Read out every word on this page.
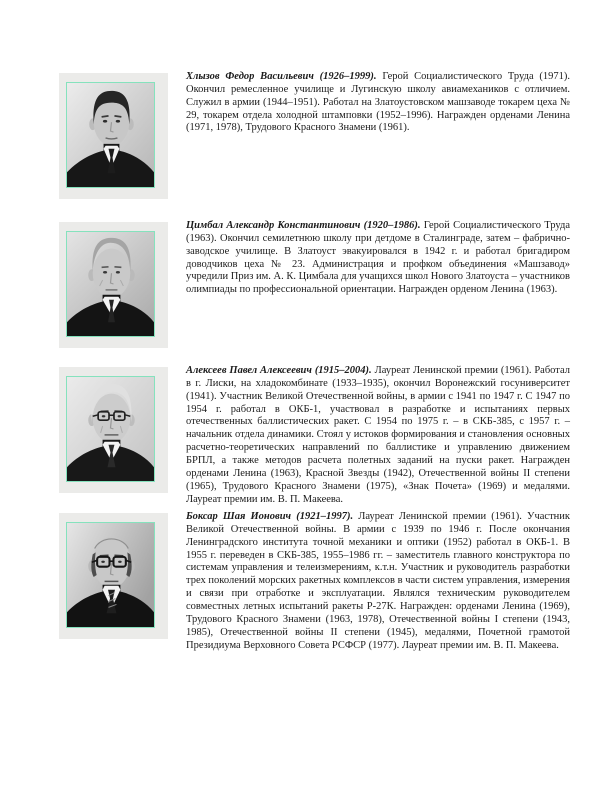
Хлызов Федор Васильевич (1926–1999). Герой Социалистического Труда (1971). Окончил ремесленное училище и Лугинскую школу авиамехаников с отличием. Служил в армии (1944–1951). Работал на Златоустовском машзаводе токарем цеха № 29, токарем отдела холодной штамповки (1952–1996). Награжден орденами Ленина (1971, 1978), Трудового Красного Знамени (1961).

Цимбал Александр Константинович (1920–1986). Герой Социалистического Труда (1963). Окончил семилетнюю школу при детдоме в Сталинграде, затем – фабрично-заводское училище. В Златоуст эвакуировался в 1942 г. и работал бригадиром доводчиков цеха № 23. Администрация и профком объединения «Машзавод» учредили Приз им. А. К. Цимбала для учащихся школ Нового Златоуста – участников олимпиады по профессиональной ориентации. Награжден орденом Ленина (1963).

Алексеев Павел Алексеевич (1915–2004). Лауреат Ленинской премии (1961). Работал в г. Лиски, на хладокомбинате (1933–1935), окончил Воронежский госуниверситет (1941). Участник Великой Отечественной войны, в армии с 1941 по 1947 г. С 1947 по 1954 г. работал в ОКБ-1, участвовал в разработке и испытаниях первых отечественных баллистических ракет. С 1954 по 1975 г. – в СКБ-385, с 1957 г. – начальник отдела динамики. Стоял у истоков формирования и становления основных расчетно-теоретических направлений по баллистике и управлению движением БРПЛ, а также методов расчета полетных заданий на пуски ракет. Награжден орденами Ленина (1963), Красной Звезды (1942), Отечественной войны II степени (1965), Трудового Красного Знамени (1975), «Знак Почета» (1969) и медалями. Лауреат премии им. В. П. Макеева.

Боксар Шая Ионович (1921–1997). Лауреат Ленинской премии (1961). Участник Великой Отечественной войны. В армии с 1939 по 1946 г. После окончания Ленинградского института точной механики и оптики (1952) работал в ОКБ-1. В 1955 г. переведен в СКБ-385, 1955–1986 гг. – заместитель главного конструктора по системам управления и телеизмерениям, к.т.н. Участник и руководитель разработки трех поколений морских ракетных комплексов в части систем управления, измерения и связи при отработке и эксплуатации. Являлся техническим руководителем совместных летных испытаний ракеты Р-27К. Награжден: орденами Ленина (1969), Трудового Красного Знамени (1963, 1978), Отечественной войны I степени (1943, 1985), Отечественной войны II степени (1945), медалями, Почетной грамотой Президиума Верховного Совета РСФСР (1977). Лауреат премии им. В. П. Макеева.
